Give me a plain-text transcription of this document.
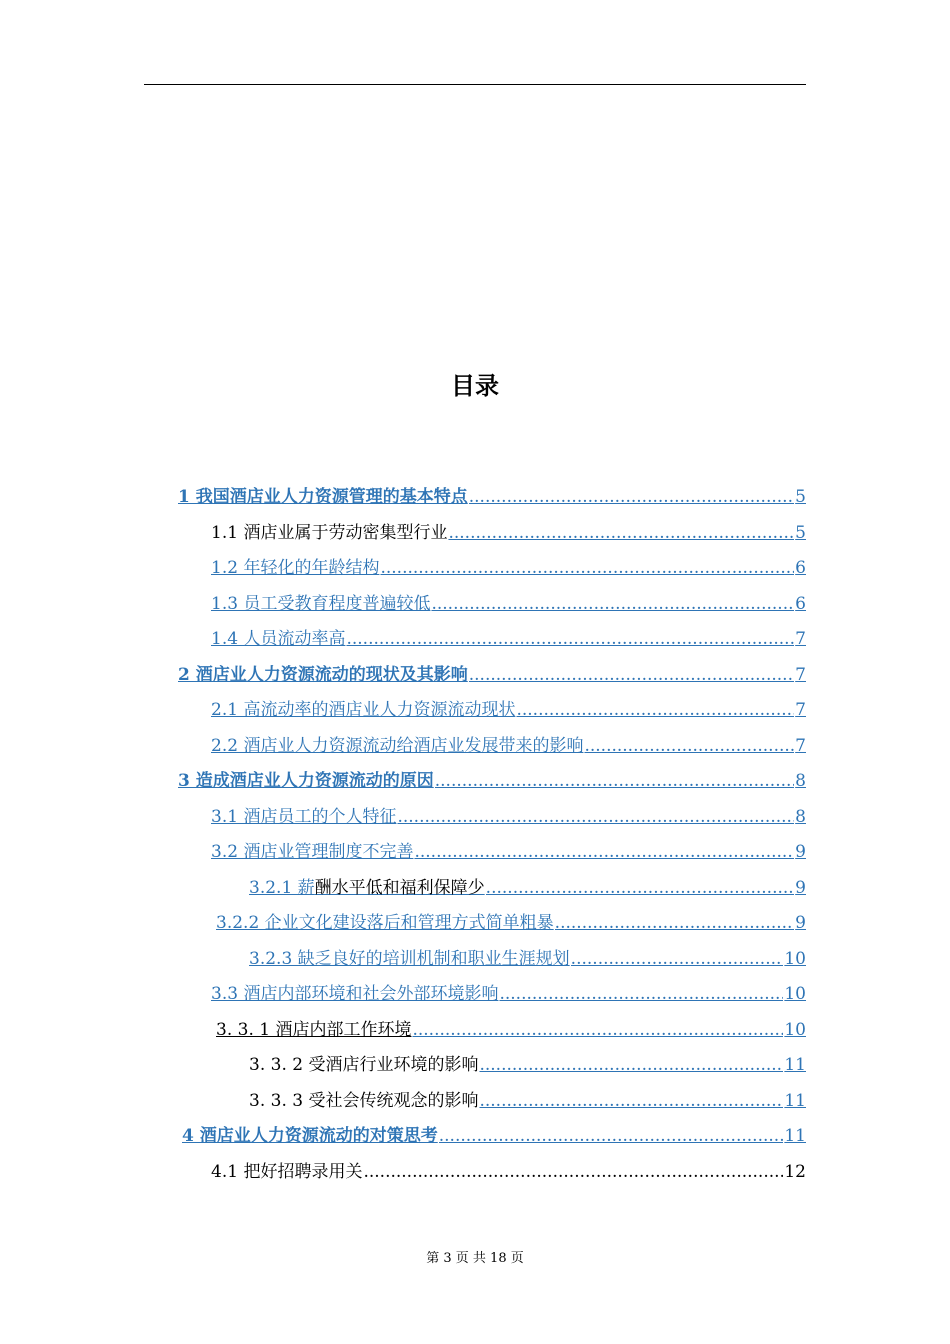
目录
1 我国酒店业人力资源管理的基本特点 .....	5
1.1 酒店业属于劳动密集型行业 .....	5
1.2 年轻化的年龄结构 .....	6
1.3 员工受教育程度普遍较低 .....	6
1.4 人员流动率高 .....	7
2 酒店业人力资源流动的现状及其影响 .....	7
2.1 高流动率的酒店业人力资源流动现状 .....	7
2.2 酒店业人力资源流动给酒店业发展带来的影响 .....	7
3 造成酒店业人力资源流动的原因 .....	8
3.1 酒店员工的个人特征 .....	8
3.2 酒店业管理制度不完善 .....	9
3.2.1 薪酬水平低和福利保障少 .....	9
3.2.2 企业文化建设落后和管理方式简单粗暴 .....	9
3.2.3 缺乏良好的培训机制和职业生涯规划 .....	10
3.3 酒店内部环境和社会外部环境影响 .....	10
3. 3. 1 酒店内部工作环境 .....	10
3. 3. 2 受酒店行业环境的影响 .....	11
3. 3. 3 受社会传统观念的影响 .....	11
4 酒店业人力资源流动的对策思考 .....	11
4.1 把好招聘录用关 .....	12
第 3 页 共 18 页
